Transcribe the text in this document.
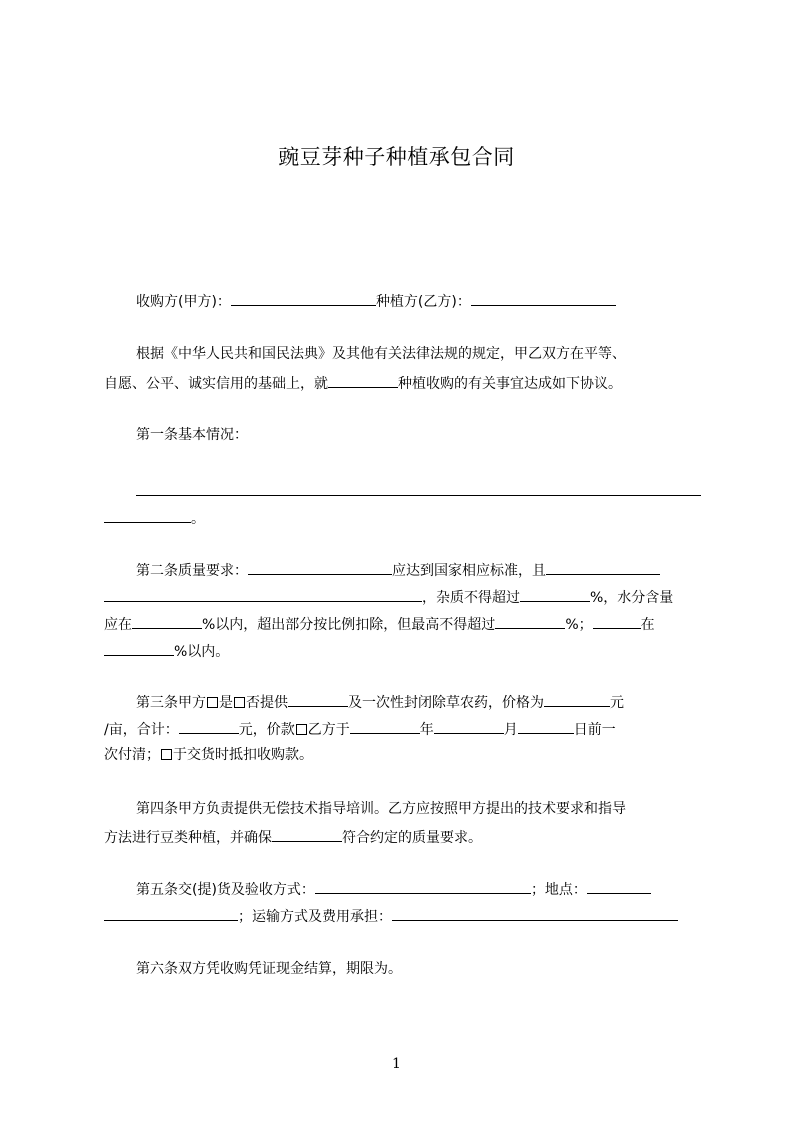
豌豆芽种子种植承包合同
收购方(甲方)：	种植方(乙方)：
根据《中华人民共和国民法典》及其他有关法律法规的规定，甲乙双方在平等、
自愿、公平、诚实信用的基础上，就	种植收购的有关事宜达成如下协议。
第一条基本情况：
。
第二条质量要求：	应达到国家相应标准，且
，杂质不得超过	%，水分含量
应在	%以内，超出部分按比例扣除，但最高不得超过	%；	在
%以内。
第三条甲方 是 否提供	及一次性封闭除草农药，价格为	元
/亩，合计：	元，价款 乙方于	年	月	日前一
次付清； 于交货时抵扣收购款。
第四条甲方负责提供无偿技术指导培训。乙方应按照甲方提出的技术要求和指导
方法进行豆类种植，并确保	符合约定的质量要求。
第五条交(提)货及验收方式：	；地点：
；运输方式及费用承担：
第六条双方凭收购凭证现金结算，期限为。
1
